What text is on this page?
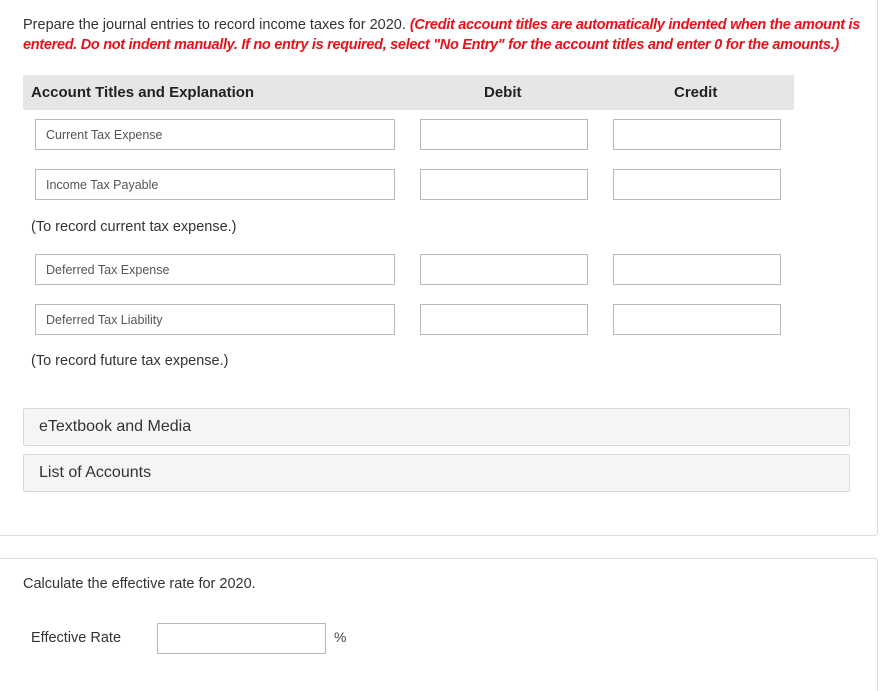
Prepare the journal entries to record income taxes for 2020. (Credit account titles are automatically indented when the amount is entered. Do not indent manually. If no entry is required, select "No Entry" for the account titles and enter 0 for the amounts.)
Account Titles and Explanation	Debit	Credit
Current Tax Expense
Income Tax Payable
(To record current tax expense.)
Deferred Tax Expense
Deferred Tax Liability
(To record future tax expense.)
eTextbook and Media
List of Accounts
Calculate the effective rate for 2020.
Effective Rate	%
